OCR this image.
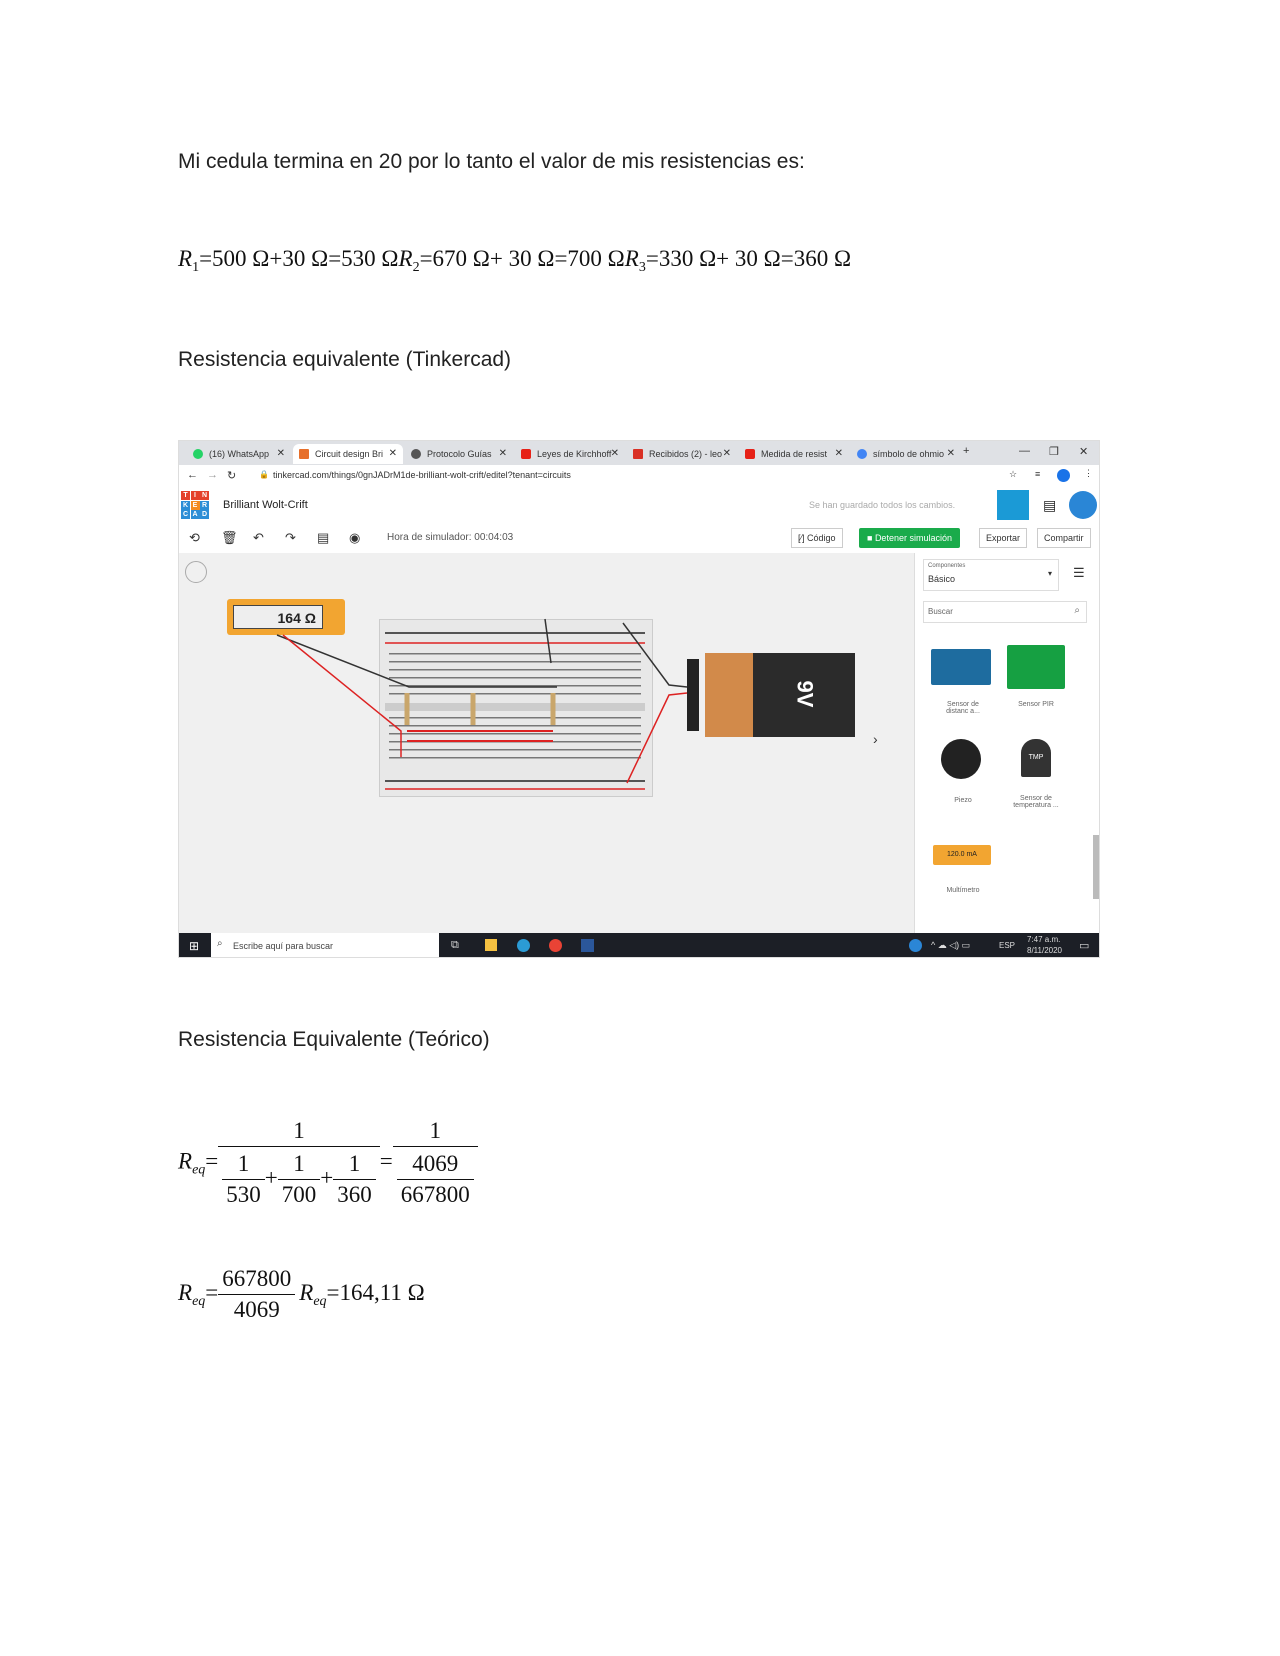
Mi cedula termina en 20 por lo tanto el valor de mis resistencias es:
$R_1=500$ Ω+30 Ω=530 $\Omega R_2=670$ Ω+ 30 Ω=700 $\Omega R_3=330$ Ω+ 30 Ω=360 Ω
Resistencia equivalente (Tinkercad)
(16) WhatsApp ✕	Circuit design Bri ✕	Protocolo Guías ✕	Leyes de Kirchhoff ✕	Recibidos (2) - leo ✕	Medida de resist ✕	símbolo de ohmio ✕ +	— ❐ ✕
← → ↻	🔒 tinkercad.com/things/0gnJADrM1de-brilliant-wolt-crift/editel?tenant=circuits	☆ ≡	⋮
T I N
K E R
C A D
Brilliant Wolt-Crift	Se han guardado todos los cambios.	▤
⟲ 🗑 ↶ ↷ ▤ ◉	Hora de simulador: 00:04:03	[⁄] Código	■ Detener simulación	Exportar	Compartir
164 Ω
9V
›
Componentes
Básico
▾ ☰
Buscar	⌕
Sensor de distanc a...
Sensor PIR
Piezo
TMP
Sensor de temperatura ...
120.0 mA
Multímetro
⊞ ⌕ Escribe aquí para buscar	⧉	^ ☁ ◁) ▭	ESP
7:47 a.m.
8/11/2020 ▭
Resistencia Equivalente (Teórico)
$R_{eq}= \frac{1}{\frac{1}{530} + \frac{1}{700} + \frac{1}{360}} = \frac{1}{\frac{4069}{667800}}$
$R_{eq}= \frac{667800}{4069} R_{eq}=164,11$ Ω
